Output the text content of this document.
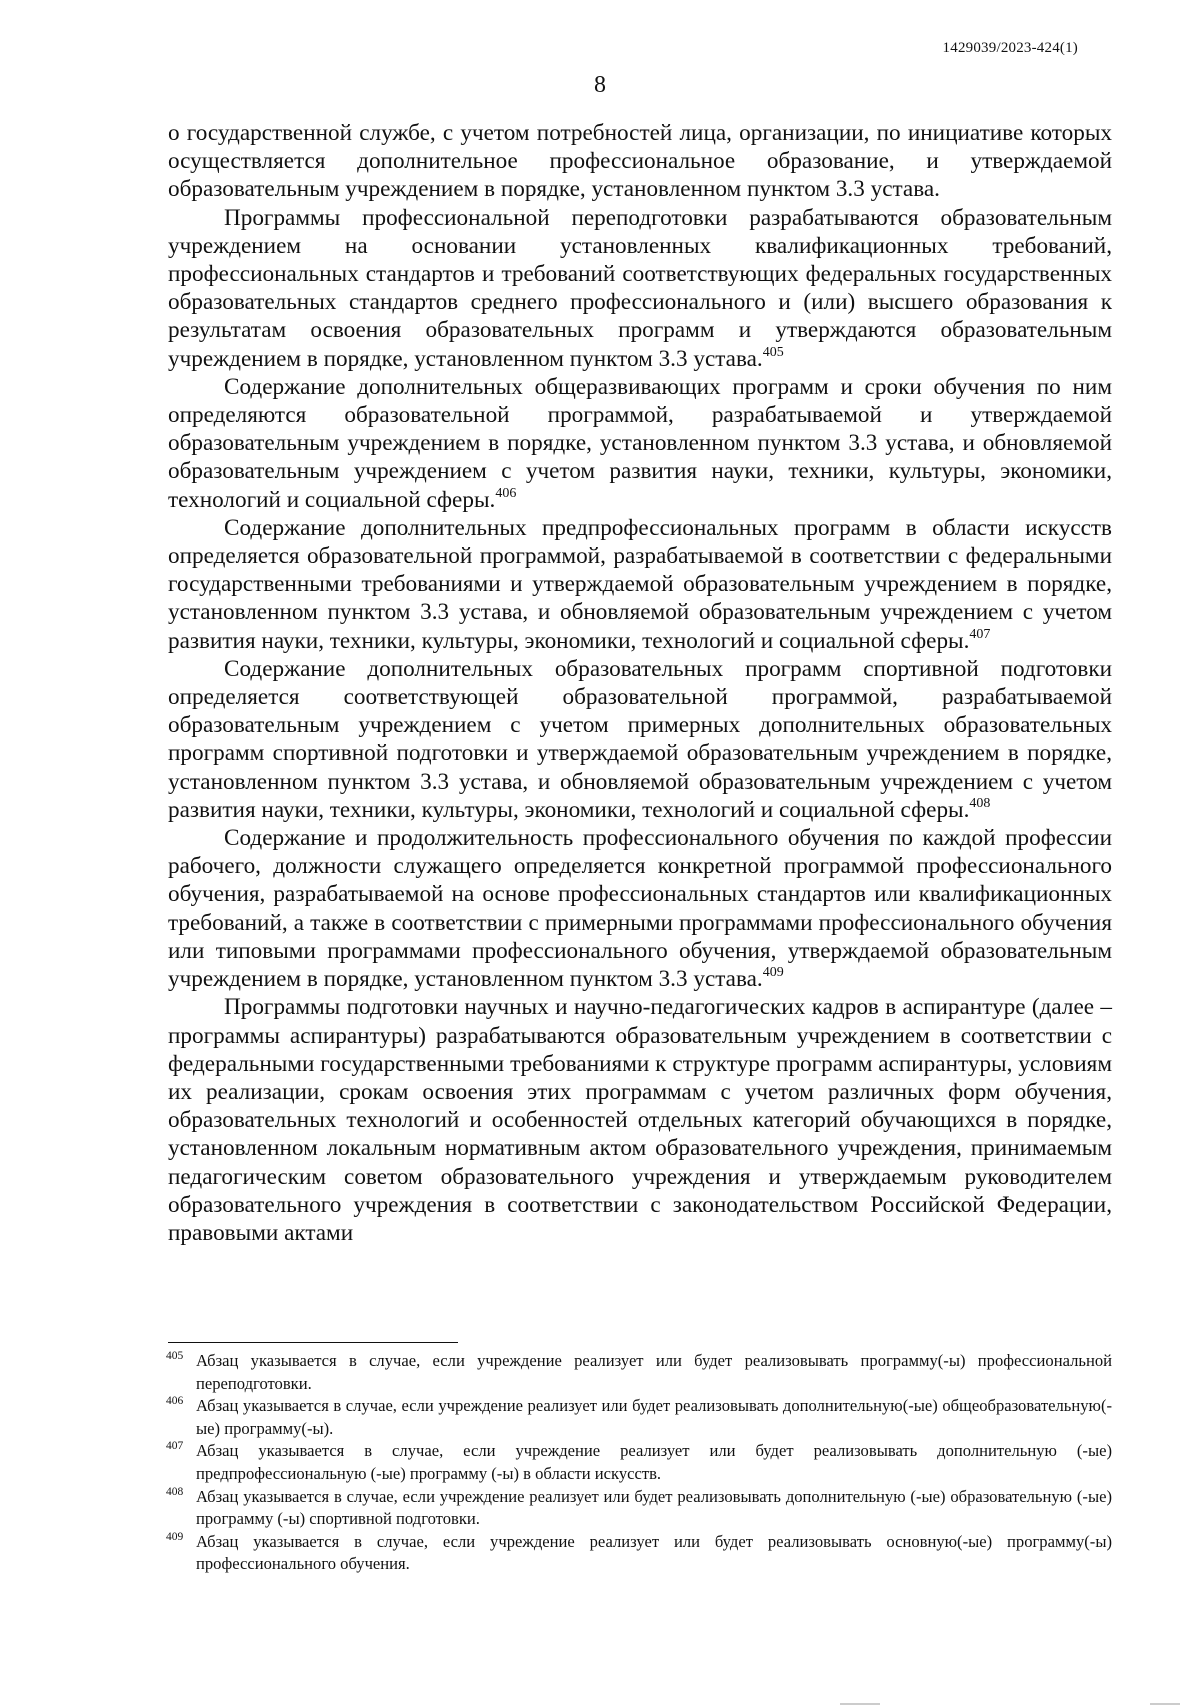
1429039/2023-424(1)
8

о государственной службе, с учетом потребностей лица, организации, по инициативе которых осуществляется дополнительное профессиональное образование, и утверждаемой образовательным учреждением в порядке, установленном пунктом 3.3 устава.

Программы профессиональной переподготовки разрабатываются образовательным учреждением на основании установленных квалификационных требований, профессиональных стандартов и требований соответствующих федеральных государственных образовательных стандартов среднего профессионального и (или) высшего образования к результатам освоения образовательных программ и утверждаются образовательным учреждением в порядке, установленном пунктом 3.3 устава.$^{405}$

Содержание дополнительных общеразвивающих программ и сроки обучения по ним определяются образовательной программой, разрабатываемой и утверждаемой образовательным учреждением в порядке, установленном пунктом 3.3 устава, и обновляемой образовательным учреждением с учетом развития науки, техники, культуры, экономики, технологий и социальной сферы.$^{406}$

Содержание дополнительных предпрофессиональных программ в области искусств определяется образовательной программой, разрабатываемой в соответствии с федеральными государственными требованиями и утверждаемой образовательным учреждением в порядке, установленном пунктом 3.3 устава, и обновляемой образовательным учреждением с учетом развития науки, техники, культуры, экономики, технологий и социальной сферы.$^{407}$

Содержание дополнительных образовательных программ спортивной подготовки определяется соответствующей образовательной программой, разрабатываемой образовательным учреждением с учетом примерных дополнительных образовательных программ спортивной подготовки и утверждаемой образовательным учреждением в порядке, установленном пунктом 3.3 устава, и обновляемой образовательным учреждением с учетом развития науки, техники, культуры, экономики, технологий и социальной сферы.$^{408}$

Содержание и продолжительность профессионального обучения по каждой профессии рабочего, должности служащего определяется конкретной программой профессионального обучения, разрабатываемой на основе профессиональных стандартов или квалификационных требований, а также в соответствии с примерными программами профессионального обучения или типовыми программами профессионального обучения, утверждаемой образовательным учреждением в порядке, установленном пунктом 3.3 устава.$^{409}$

Программы подготовки научных и научно-педагогических кадров в аспирантуре (далее – программы аспирантуры) разрабатываются образовательным учреждением в соответствии с федеральными государственными требованиями к структуре программ аспирантуры, условиям их реализации, срокам освоения этих программам с учетом различных форм обучения, образовательных технологий и особенностей отдельных категорий обучающихся в порядке, установленном локальным нормативным актом образовательного учреждения, принимаемым педагогическим советом образовательного учреждения и утверждаемым руководителем образовательного учреждения в соответствии с законодательством Российской Федерации, правовыми актами

405 Абзац указывается в случае, если учреждение реализует или будет реализовывать программу(-ы) профессиональной переподготовки.
406 Абзац указывается в случае, если учреждение реализует или будет реализовывать дополнительную(-ые) общеобразовательную(-ые) программу(-ы).
407 Абзац указывается в случае, если учреждение реализует или будет реализовывать дополнительную (-ые) предпрофессиональную (-ые) программу (-ы) в области искусств.
408 Абзац указывается в случае, если учреждение реализует или будет реализовывать дополнительную (-ые) образовательную (-ые) программу (-ы) спортивной подготовки.
409 Абзац указывается в случае, если учреждение реализует или будет реализовывать основную(-ые) программу(-ы) профессионального обучения.
